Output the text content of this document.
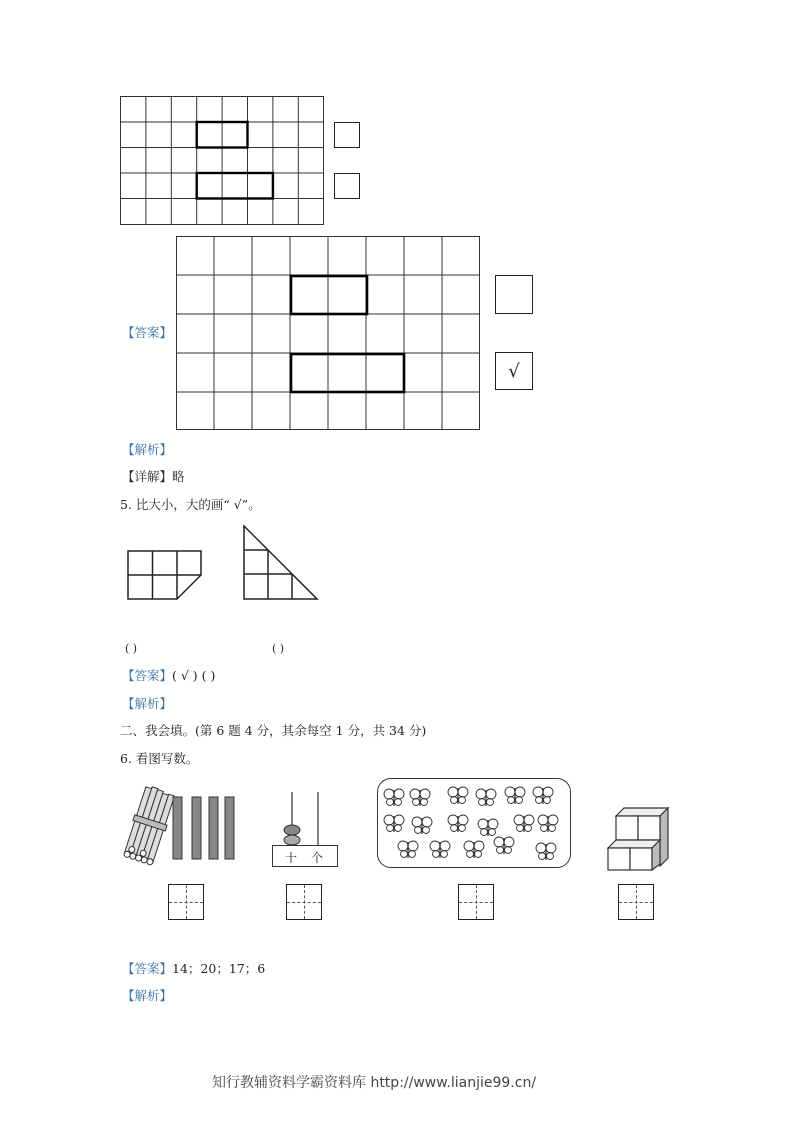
【答案】
√
【解析】
【详解】略
5. 比大小，大的画“ √”。
( )	( )
【答案】( √ ) ( )
【解析】
二、我会填。(第 6 题 4 分，其余每空 1 分，共 34 分)
6. 看图写数。
十 个
【答案】14；20；17；6
【解析】
知行教辅资料学霸资料库 http://www.lianjie99.cn/
